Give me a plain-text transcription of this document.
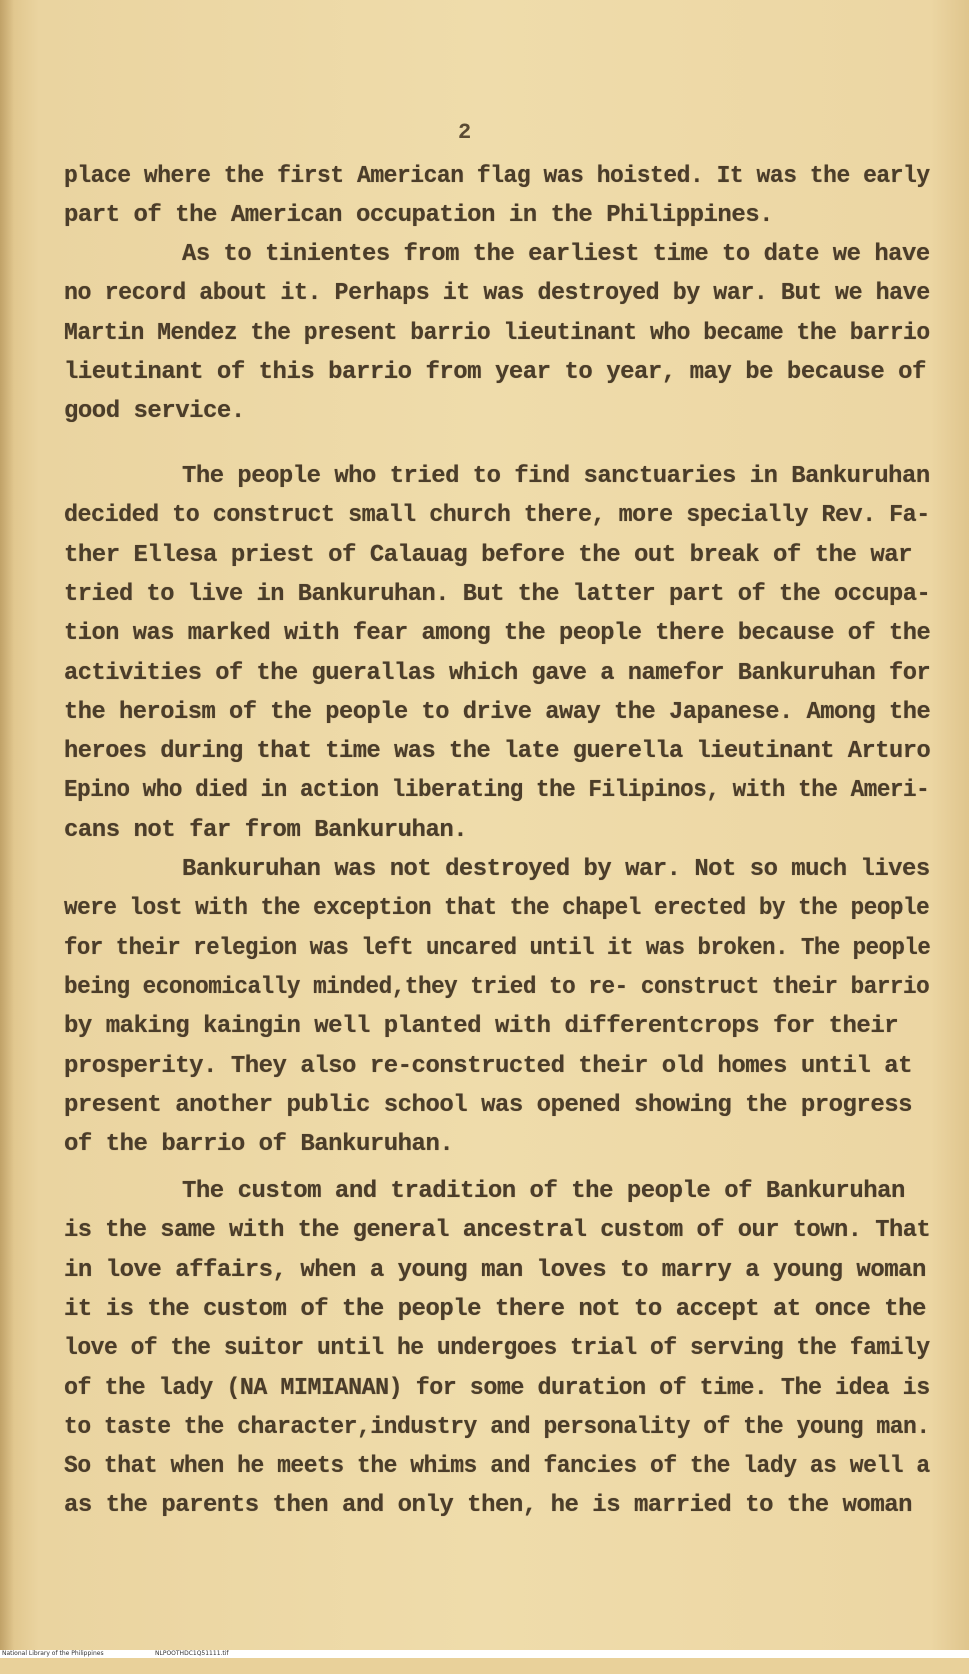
2
place where the first American flag was hoisted. It was the early
part of the American occupation in the Philippines.
As to tinientes from the earliest time to date we have
no record about it. Perhaps it was destroyed by war. But we have
Martin Mendez the present barrio lieutinant who became the barrio
lieutinant of this barrio from year to year, may be because of
good service.
The people who tried to find sanctuaries in Bankuruhan
decided to construct small church there, more specially Rev. Fa-
ther Ellesa priest of Calauag before the out break of the war
tried to live in Bankuruhan. But the latter part of the occupa-
tion was marked with fear among the people there because of the
activities of the guerallas which gave a namefor Bankuruhan for
the heroism of the people to drive away the Japanese. Among the
heroes during that time was the late guerella lieutinant Arturo
Epino who died in action liberating the Filipinos, with the Ameri-
cans not far from Bankuruhan.
Bankuruhan was not destroyed by war. Not so much lives
were lost with the exception that the chapel erected by the people
for their relegion was left uncared until it was broken. The people
being economically minded,they tried to re- construct their barrio
by making kaingin well planted with differentcrops for their
prosperity. They also re-constructed their old homes until at
present another public school was opened showing the progress
of the barrio of Bankuruhan.
The custom and tradition of the people of Bankuruhan
is the same with the general ancestral custom of our town. That
in love affairs, when a young man loves to marry a young woman
it is the custom of the people there not to accept at once the
love of the suitor until he undergoes trial of serving the family
of the lady (NA MIMIANAN) for some duration of time. The idea is
to taste the character,industry and personality of the young man.
So that when he meets the whims and fancies of the lady as well a
as the parents then and only then, he is married to the woman

National Library of the Philippines

	NLPOOTHDC1Q51111.tif
